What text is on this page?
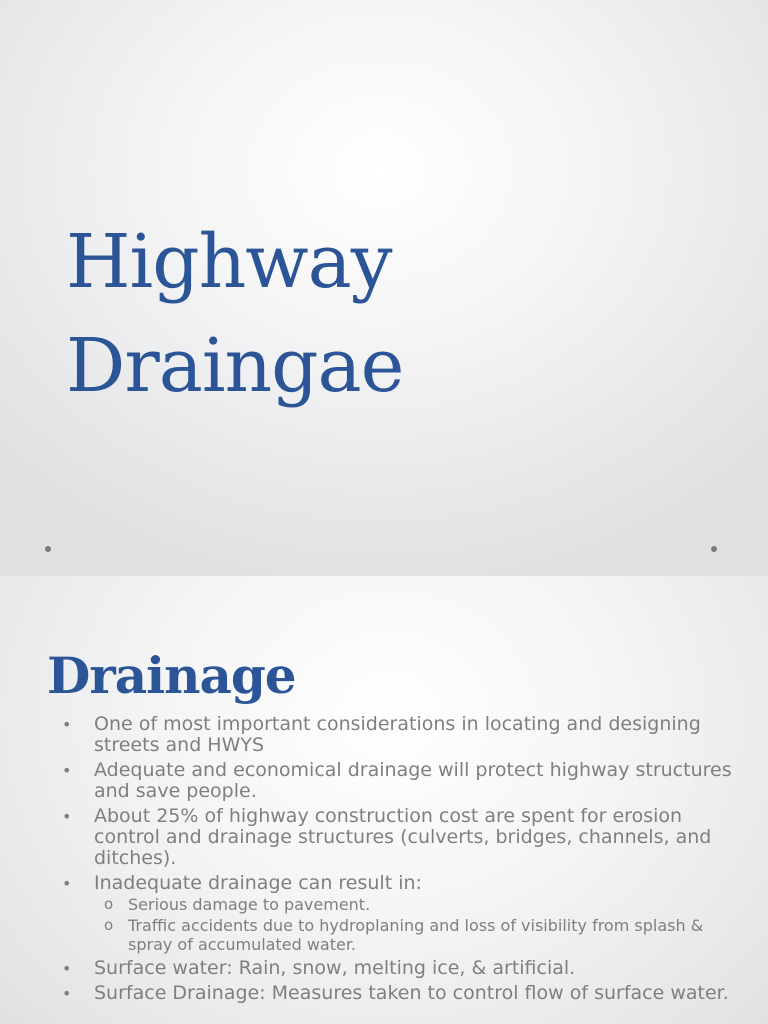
Highway
Draingae
Drainage
• One of most important considerations in locating and designing streets and HWYS
• Adequate and economical drainage will protect highway structures and save people.
• About 25% of highway construction cost are spent for erosion control and drainage structures (culverts, bridges, channels, and ditches).
• Inadequate drainage can result in:
o Serious damage to pavement.
o Traffic accidents due to hydroplaning and loss of visibility from splash & spray of accumulated water.
• Surface water: Rain, snow, melting ice, & artificial.
• Surface Drainage: Measures taken to control flow of surface water.
